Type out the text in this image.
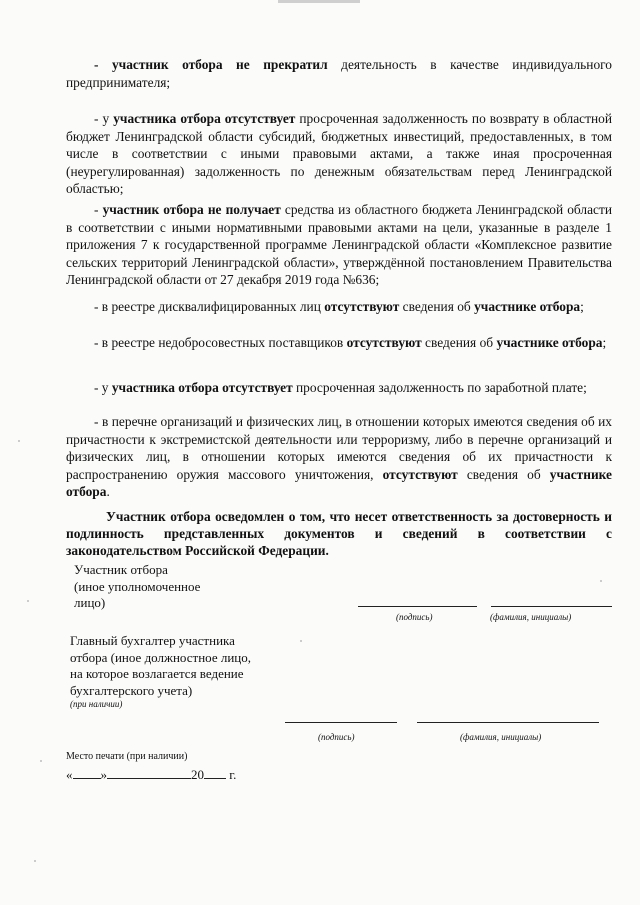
- участник отбора не прекратил деятельность в качестве индивидуального предпринимателя;

- у участника отбора отсутствует просроченная задолженность по возврату в областной бюджет Ленинградской области субсидий, бюджетных инвестиций, предоставленных, в том числе в соответствии с иными правовыми актами, а также иная просроченная (неурегулированная) задолженность по денежным обязательствам перед Ленинградской областью;

- участник отбора не получает средства из областного бюджета Ленинградской области в соответствии с иными нормативными правовыми актами на цели, указанные в разделе 1 приложения 7 к государственной программе Ленинградской области «Комплексное развитие сельских территорий Ленинградской области», утверждённой постановлением Правительства Ленинградской области от 27 декабря 2019 года №636;

- в реестре дисквалифицированных лиц отсутствуют сведения об участнике отбора;

- в реестре недобросовестных поставщиков отсутствуют сведения об участнике отбора;

- у участника отбора отсутствует просроченная задолженность по заработной плате;

- в перечне организаций и физических лиц, в отношении которых имеются сведения об их причастности к экстремистской деятельности или терроризму, либо в перечне организаций и физических лиц, в отношении которых имеются сведения об их причастности к распространению оружия массового уничтожения, отсутствуют сведения об участнике отбора.

Участник отбора осведомлен о том, что несет ответственность за достоверность и подлинность представленных документов и сведений в соответствии с законодательством Российской Федерации.

Участник отбора
(иное уполномоченное
лицо)

(подпись)	(фамилия, инициалы)

Главный бухгалтер участника
отбора (иное должностное лицо,
на которое возлагается ведение
бухгалтерского учета)

(при наличии)

(подпись)	(фамилия, инициалы)

Место печати (при наличии)

« »	20 г.
